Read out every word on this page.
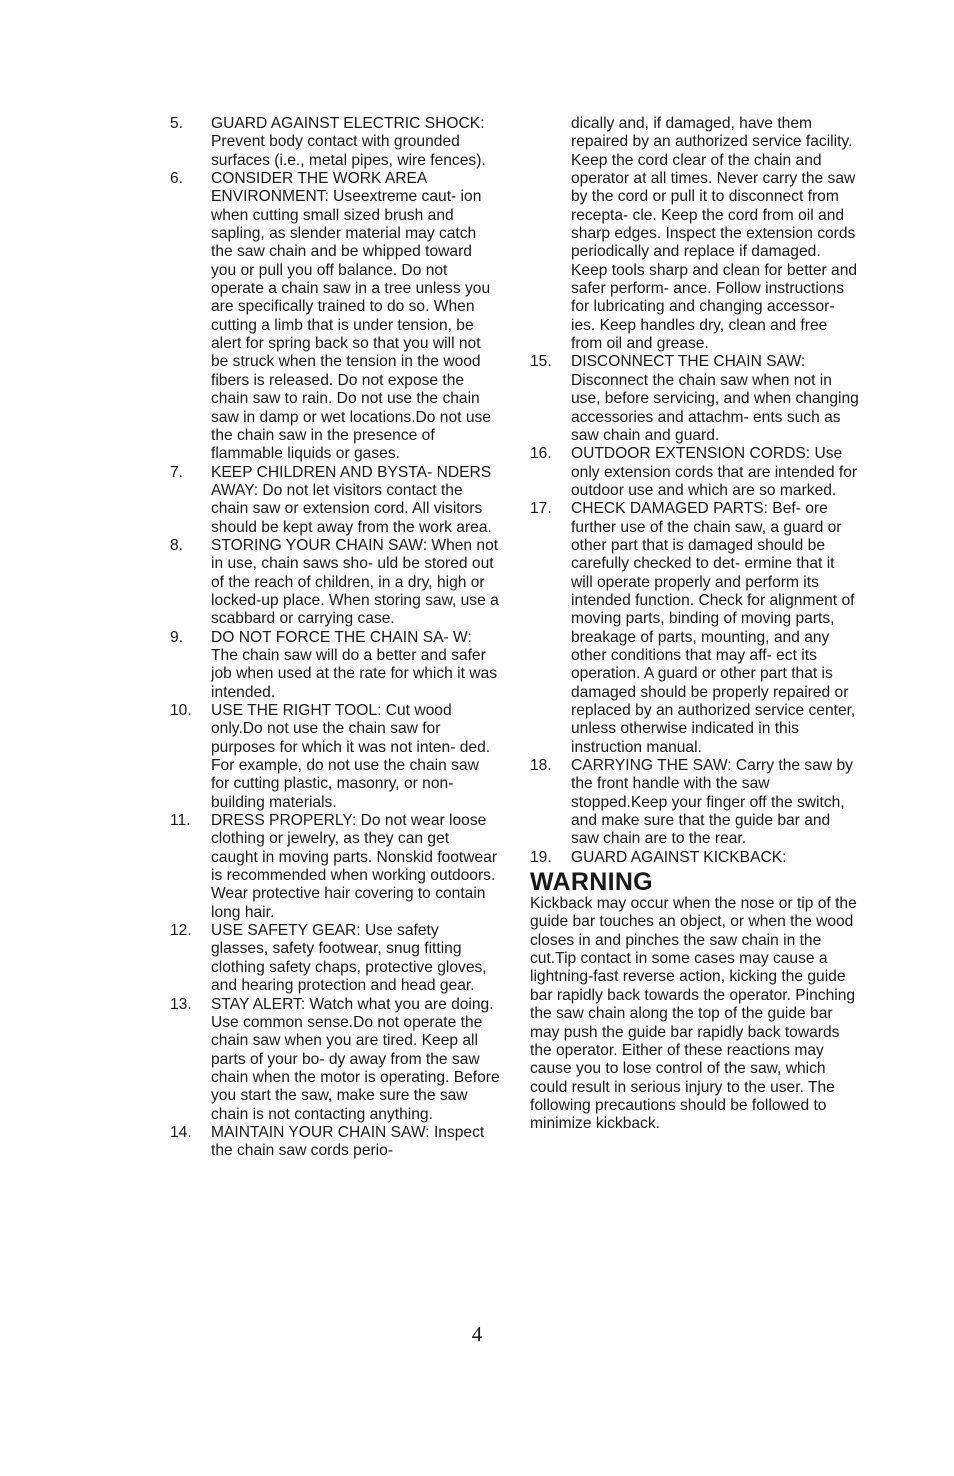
5.	GUARD AGAINST ELECTRIC SHOCK: Prevent body contact with grounded surfaces (i.e., metal pipes, wire fences).
6.	CONSIDER THE WORK AREA ENVIRONMENT: Useextreme caut- ion when cutting small sized brush and sapling, as slender material may catch the saw chain and be whipped toward you or pull you off balance. Do not operate a chain saw in a tree unless you are specifically trained to do so. When cutting a limb that is under tension, be alert for spring back so that you will not be struck when the tension in the wood fibers is released. Do not expose the chain saw to rain. Do not use the chain saw in damp or wet locations.Do not use the chain saw in the presence of flammable liquids or gases.
7.	KEEP CHILDREN AND BYSTA- NDERS AWAY: Do not let visitors contact the chain saw or extension cord. All visitors should be kept away from the work area.
8.	STORING YOUR CHAIN SAW: When not in use, chain saws sho- uld be stored out of the reach of children, in a dry, high or locked-up place. When storing saw, use a scabbard or carrying case.
9.	DO NOT FORCE THE CHAIN SA- W: The chain saw will do a better and safer job when used at the rate for which it was intended.
10.	USE THE RIGHT TOOL: Cut wood only.Do not use the chain saw for purposes for which it was not inten- ded. For example, do not use the chain saw for cutting plastic, masonry, or non-building materials.
11.	DRESS PROPERLY: Do not wear loose clothing or jewelry, as they can get caught in moving parts. Nonskid footwear is recommended when working outdoors. Wear protective hair covering to contain long hair.
12.	USE SAFETY GEAR: Use safety glasses, safety footwear, snug fitting clothing safety chaps, protective gloves, and hearing protection and head gear.
13.	STAY ALERT: Watch what you are doing. Use common sense.Do not operate the chain saw when you are tired. Keep all parts of your bo- dy away from the saw chain when the motor is operating. Before you start the saw, make sure the saw chain is not contacting anything.
14.	MAINTAIN YOUR CHAIN SAW: Inspect the chain saw cords perio-

dically and, if damaged, have them repaired by an authorized service facility. Keep the cord clear of the chain and operator at all times. Never carry the saw by the cord or pull it to disconnect from recepta- cle. Keep the cord from oil and sharp edges. Inspect the extension cords periodically and replace if damaged. Keep tools sharp and clean for better and safer perform- ance. Follow instructions for lubricating and changing accessor- ies. Keep handles dry, clean and free from oil and grease.

15.	DISCONNECT THE CHAIN SAW: Disconnect the chain saw when not in use, before servicing, and when changing accessories and attachm- ents such as saw chain and guard.
16.	OUTDOOR EXTENSION CORDS: Use only extension cords that are intended for outdoor use and which are so marked.
17.	CHECK DAMAGED PARTS: Bef- ore further use of the chain saw, a guard or other part that is damaged should be carefully checked to det- ermine that it will operate properly and perform its intended function. Check for alignment of moving parts, binding of moving parts, breakage of parts, mounting, and any other conditions that may aff- ect its operation. A guard or other part that is damaged should be properly repaired or replaced by an authorized service center, unless otherwise indicated in this instruction manual.
18.	CARRYING THE SAW: Carry the saw by the front handle with the saw stopped.Keep your finger off the switch, and make sure that the guide bar and saw chain are to the rear.
19.	GUARD AGAINST KICKBACK:
WARNING

Kickback may occur when the nose or tip of the guide bar touches an object, or when the wood closes in and pinches the saw chain in the cut.Tip contact in some cases may cause a lightning-fast reverse action, kicking the guide bar rapidly back towards the operator. Pinching the saw chain along the top of the guide bar may push the guide bar rapidly back towards the operator. Either of these reactions may cause you to lose control of the saw, which could result in serious injury to the user. The following precautions should be followed to minimize kickback.

4
